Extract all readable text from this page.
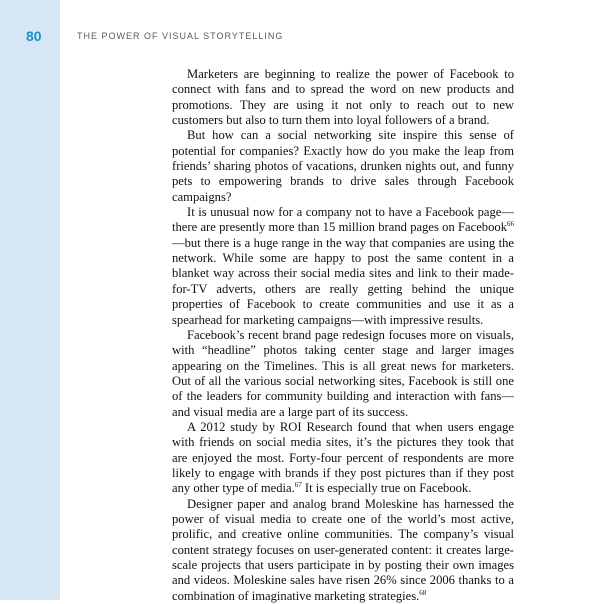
80	THE POWER OF VISUAL STORYTELLING

Marketers are beginning to realize the power of Facebook to connect with fans and to spread the word on new products and promotions. They are using it not only to reach out to new customers but also to turn them into loyal followers of a brand.

But how can a social networking site inspire this sense of potential for companies? Exactly how do you make the leap from friends’ sharing photos of vacations, drunken nights out, and funny pets to empowering brands to drive sales through Facebook campaigns?

It is unusual now for a company not to have a Facebook page—there are presently more than 15 million brand pages on Facebook$^{66}$—but there is a huge range in the way that companies are using the network. While some are happy to post the same content in a blanket way across their social media sites and link to their made-for-TV adverts, others are really getting behind the unique properties of Facebook to create communities and use it as a spearhead for marketing campaigns—with impressive results.

Facebook’s recent brand page redesign focuses more on visuals, with “headline” photos taking center stage and larger images appearing on the Timelines. This is all great news for marketers. Out of all the various social networking sites, Facebook is still one of the leaders for community building and interaction with fans—and visual media are a large part of its success.

A 2012 study by ROI Research found that when users engage with friends on social media sites, it’s the pictures they took that are enjoyed the most. Forty-four percent of respondents are more likely to engage with brands if they post pictures than if they post any other type of media.$^{67}$ It is especially true on Facebook.

Designer paper and analog brand Moleskine has harnessed the power of visual media to create one of the world’s most active, prolific, and creative online communities. The company’s visual content strategy focuses on user-generated content: it creates large-scale projects that users participate in by posting their own images and videos. Moleskine sales have risen 26% since 2006 thanks to a combination of imaginative marketing strategies.$^{68}$
